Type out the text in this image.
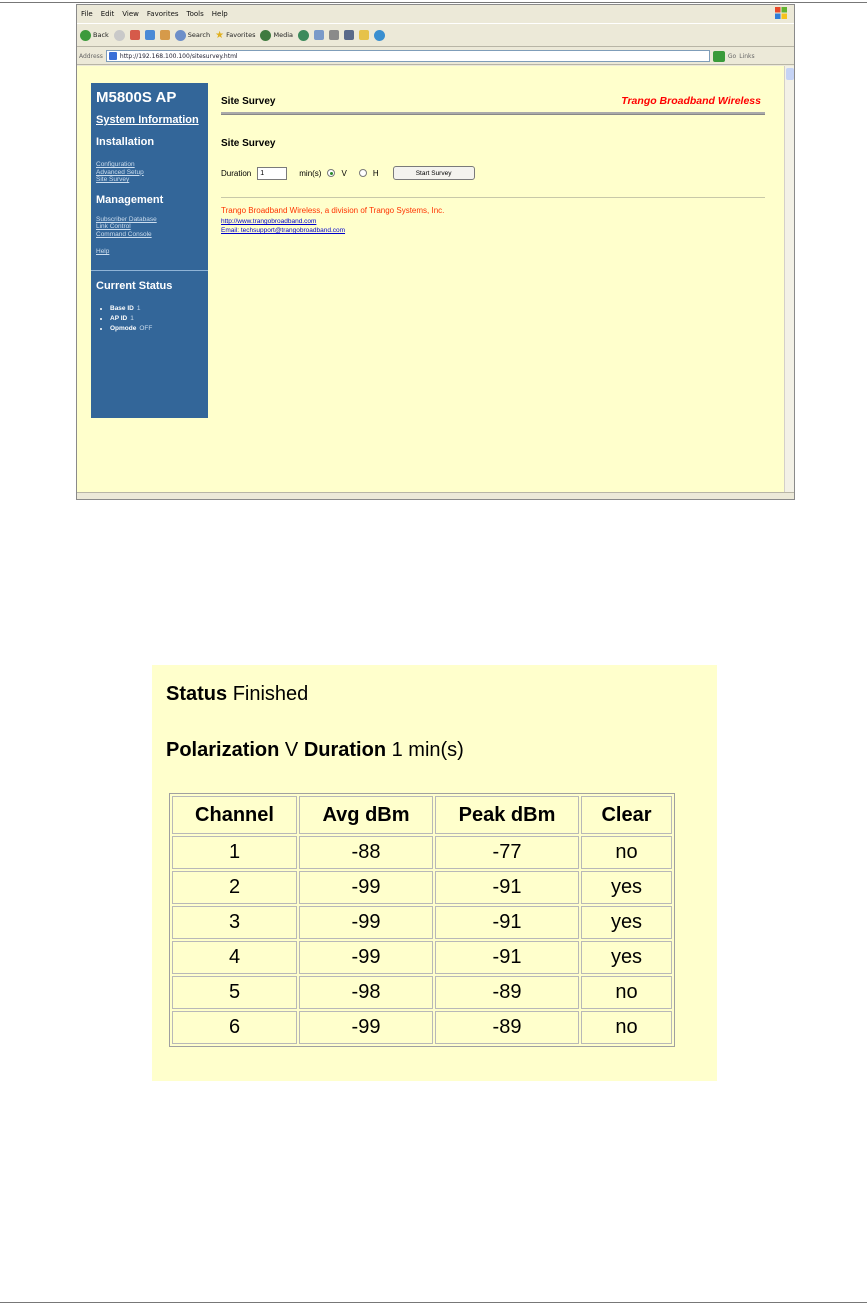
File Edit View Favorites Tools Help
Back	Search ★ Favorites	Media
Address	http://192.168.100.100/sitesurvey.html	Go Links
M5800S AP
System Information
Installation
Configuration
Advanced Setup
Site Survey
Management
Subscriber Database
Link Control
Command Console
Help
Current Status
• Base ID 1
• AP ID 1
• Opmode OFF
Site Survey	Trango Broadband Wireless
Site Survey
Duration
1	min(s)	V	H	Start Survey
Trango Broadband Wireless, a division of Trango Systems, Inc.
http://www.trangobroadband.com
Email: techsupport@trangobroadband.com
Status Finished
Polarization V Duration 1 min(s)
Channel	Avg dBm	Peak dBm	Clear
1	-88	-77	no
2	-99	-91	yes
3	-99	-91	yes
4	-99	-91	yes
5	-98	-89	no
6	-99	-89	no
